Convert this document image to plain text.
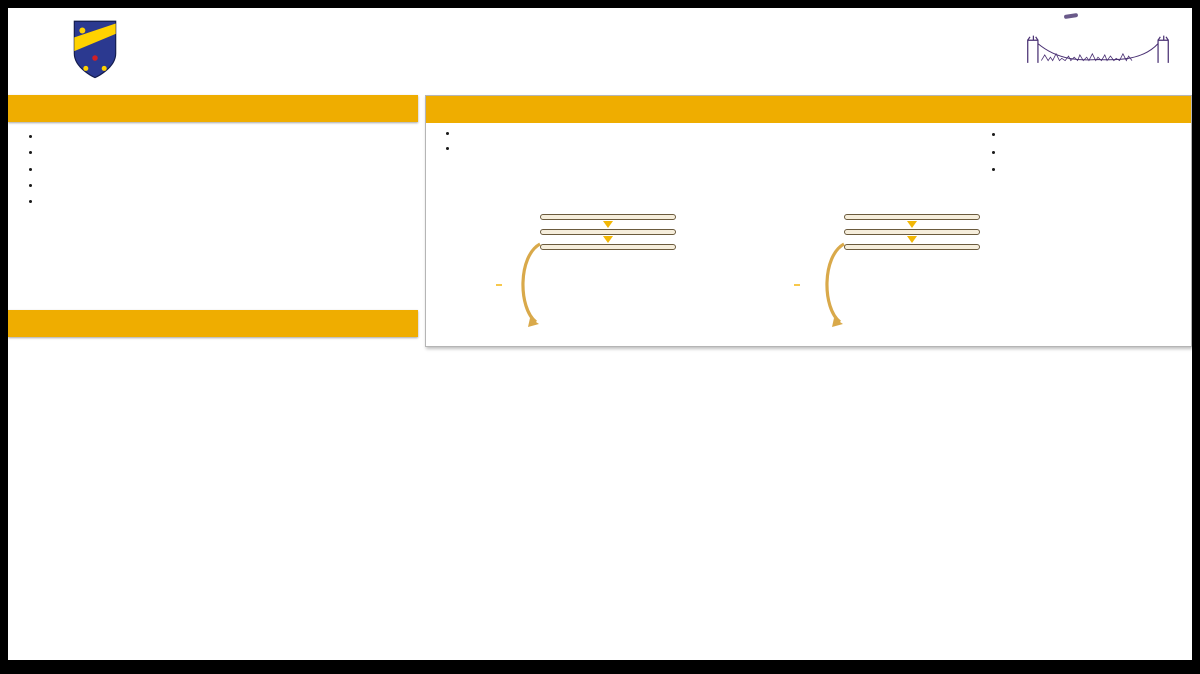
•
•
•
•
•
•
•

•
•
•
